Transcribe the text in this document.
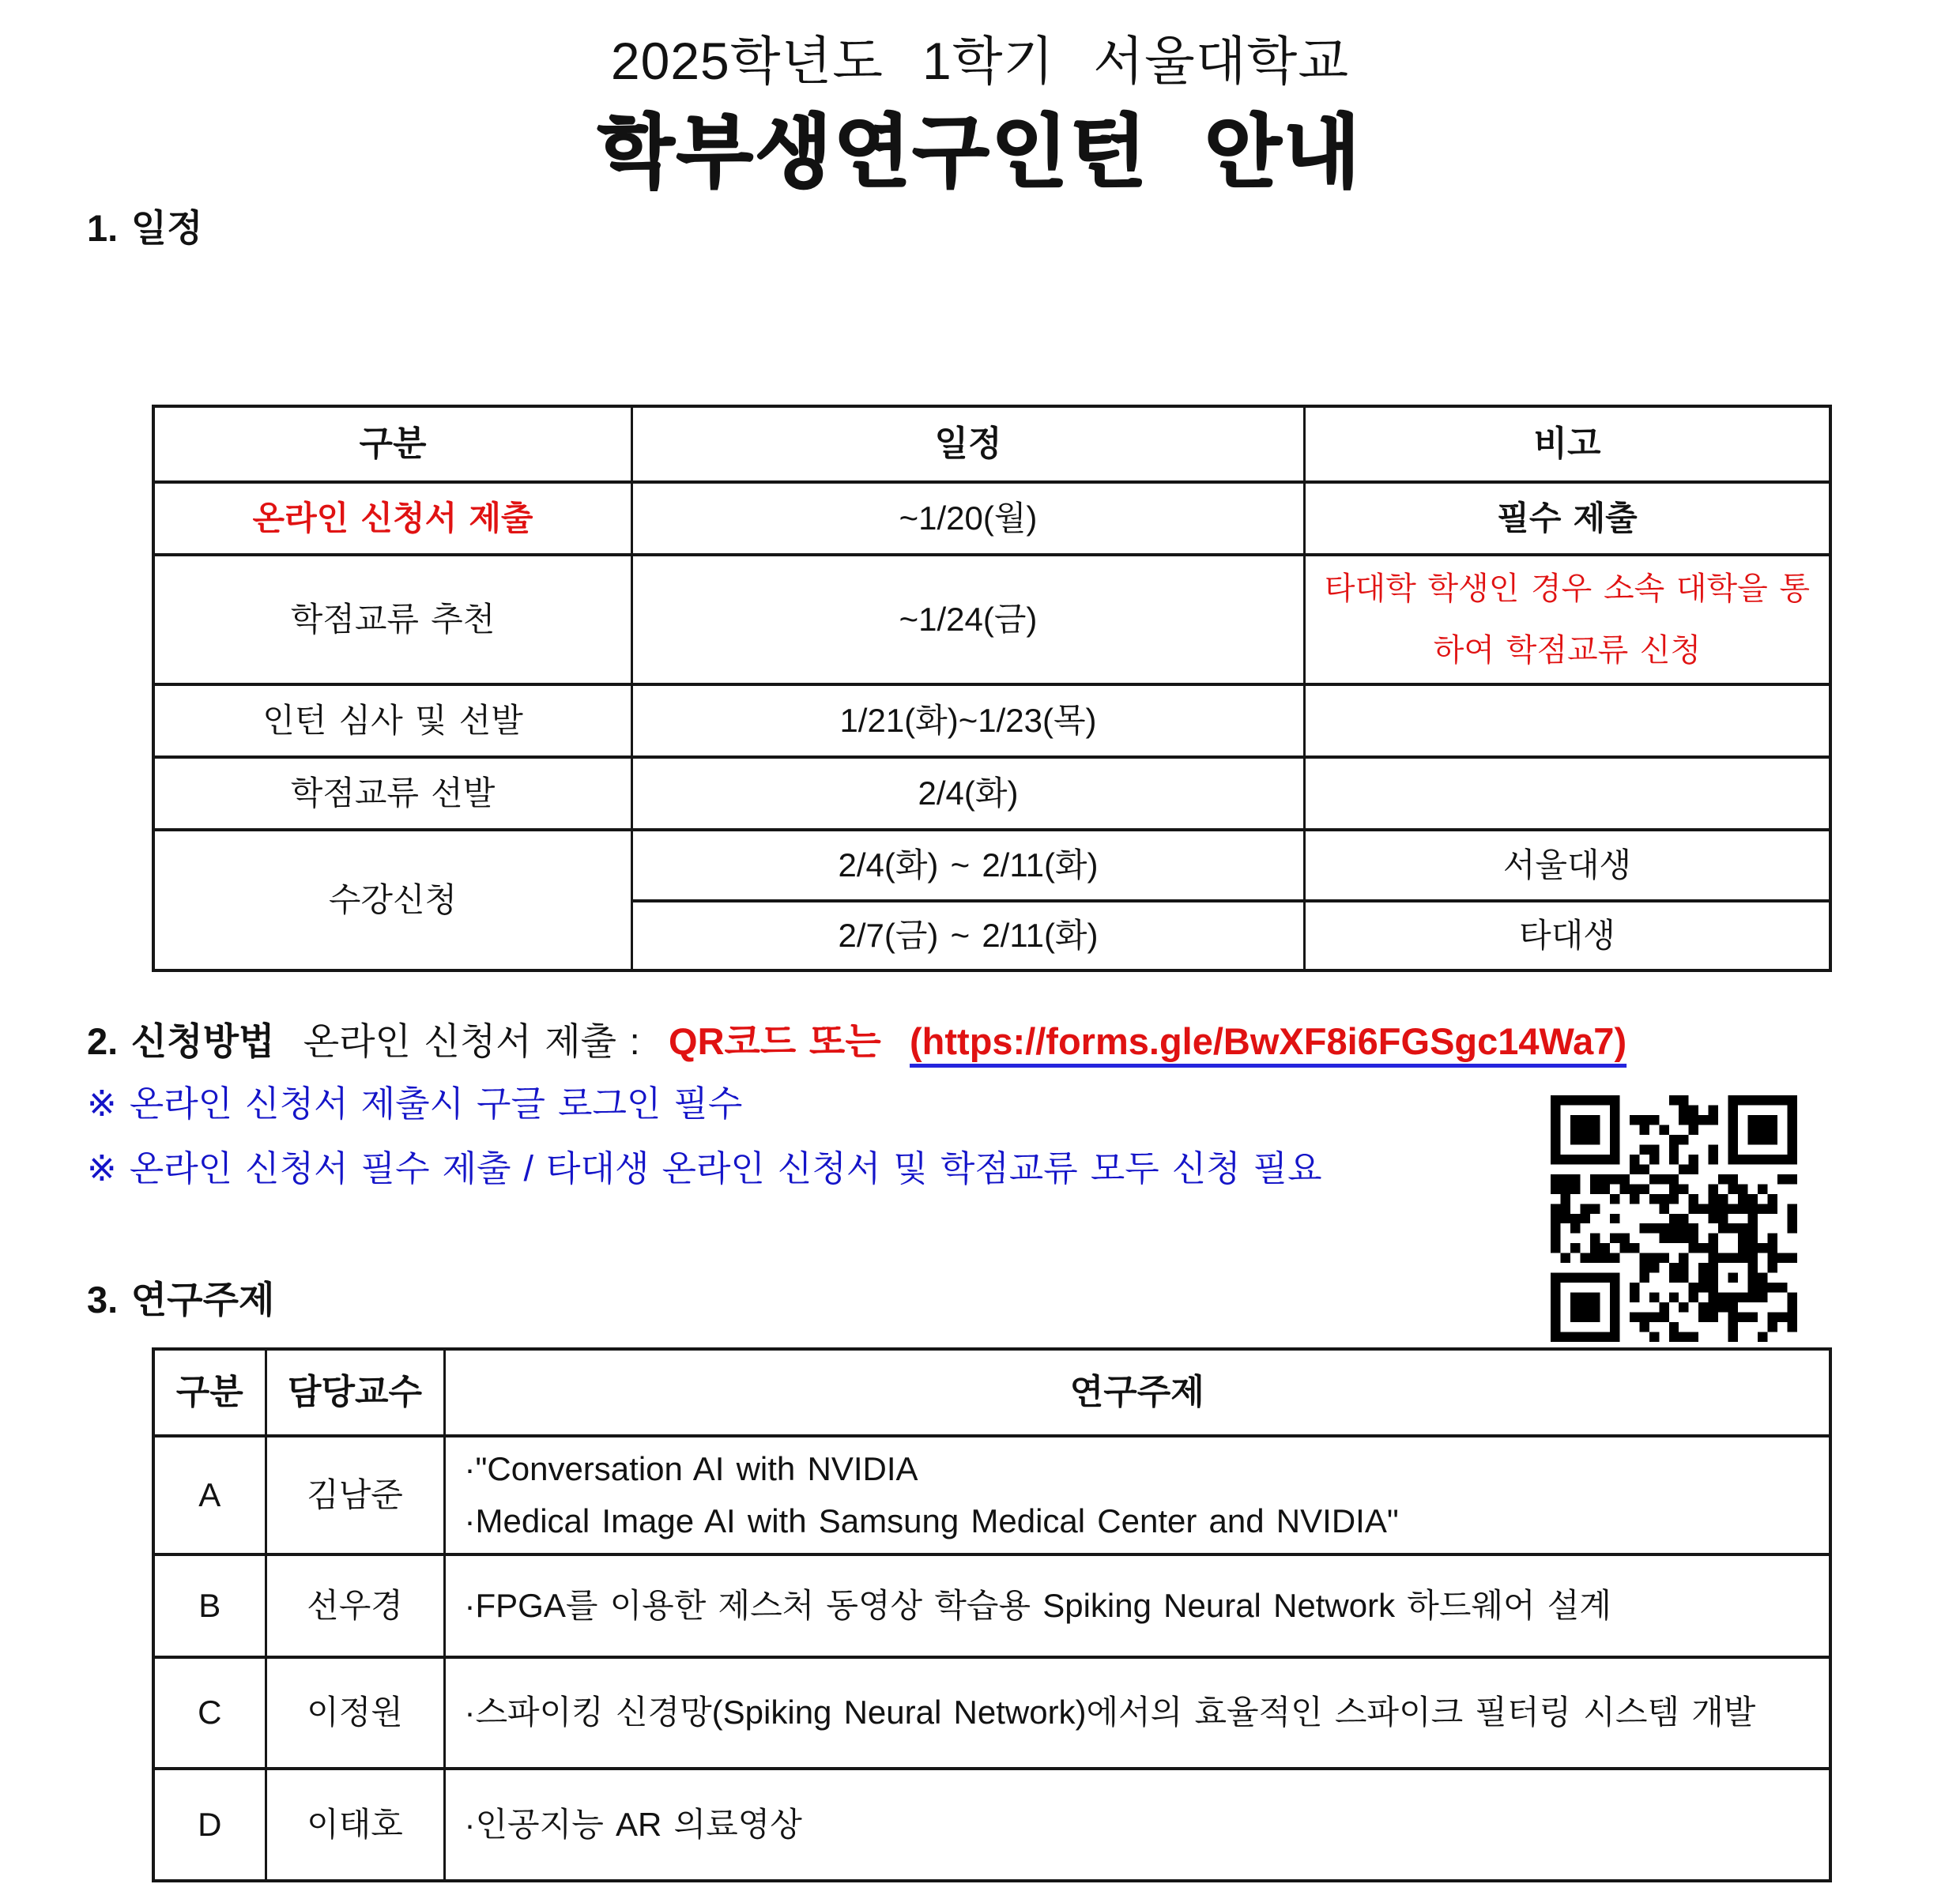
2025학년도 1학기 서울대학교
학부생연구인턴 안내
1. 일정
구분	일정	비고
온라인 신청서 제출	~1/20(월)	필수 제출
학점교류 추천	~1/24(금)	타대학 학생인 경우 소속 대학을 통하여 학점교류 신청
인턴 심사 및 선발	1/21(화)~1/23(목)	
학점교류 선발	2/4(화)	
수강신청	2/4(화) ~ 2/11(화)	서울대생
	2/7(금) ~ 2/11(화)	타대생
2. 신청방법 온라인 신청서 제출 : QR코드 또는 (https://forms.gle/BwXF8i6FGSgc14Wa7)
※ 온라인 신청서 제출시 구글 로그인 필수
※ 온라인 신청서 필수 제출 / 타대생 온라인 신청서 및 학점교류 모두 신청 필요
3. 연구주제
구분	담당교수	연구주제
A	김남준	·"Conversation AI with NVIDIA
·Medical Image AI with Samsung Medical Center and NVIDIA"

B	선우경	·FPGA를 이용한 제스처 동영상 학습용 Spiking Neural Network 하드웨어 설계

C	이정원	·스파이킹 신경망(Spiking Neural Network)에서의 효율적인 스파이크 필터링 시스템 개발

D	이태호	·인공지능 AR 의료영상
